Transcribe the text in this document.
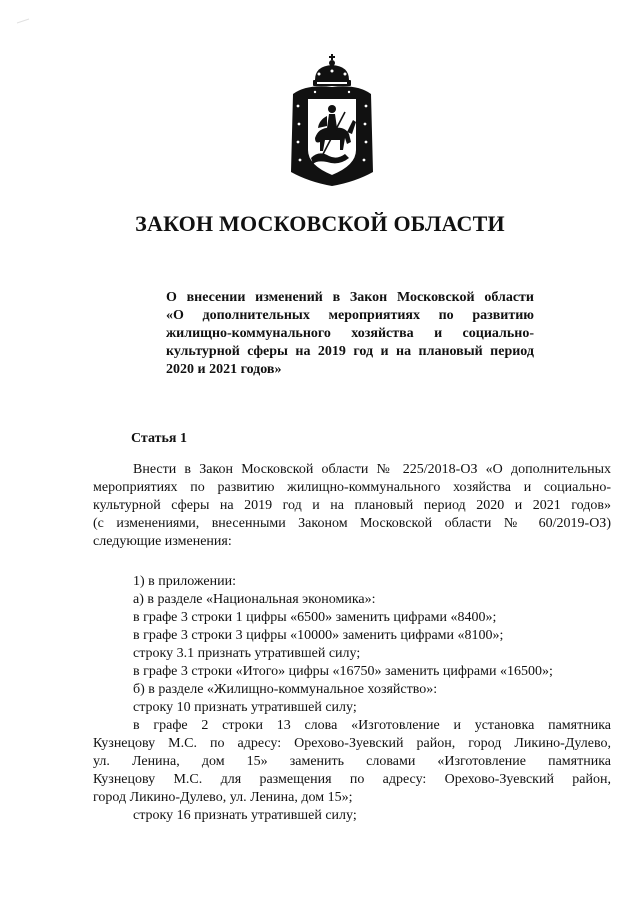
ЗАКОН МОСКОВСКОЙ ОБЛАСТИ
О внесении изменений в Закон Московской области
«О дополнительных мероприятиях по развитию
жилищно-коммунального хозяйства и социально-
культурной сферы на 2019 год и на плановый период
2020 и 2021 годов»
Статья 1
Внести в Закон Московской области № 225/2018-ОЗ «О дополнительных
мероприятиях по развитию жилищно-коммунального хозяйства и социально-
культурной сферы на 2019 год и на плановый период 2020 и 2021 годов»
(с изменениями, внесенными Законом Московской области № 60/2019-ОЗ)
следующие изменения:
1) в приложении:
а) в разделе «Национальная экономика»:
в графе 3 строки 1 цифры «6500» заменить цифрами «8400»;
в графе 3 строки 3 цифры «10000» заменить цифрами «8100»;
строку 3.1 признать утратившей силу;
в графе 3 строки «Итого» цифры «16750» заменить цифрами «16500»;
б) в разделе «Жилищно-коммунальное хозяйство»:
строку 10 признать утратившей силу;
в графе 2 строки 13 слова «Изготовление и установка памятника
Кузнецову М.С. по адресу: Орехово-Зуевский район, город Ликино-Дулево,
ул. Ленина, дом 15» заменить словами «Изготовление памятника
Кузнецову М.С. для размещения по адресу: Орехово-Зуевский район,
город Ликино-Дулево, ул. Ленина, дом 15»;
строку 16 признать утратившей силу;
